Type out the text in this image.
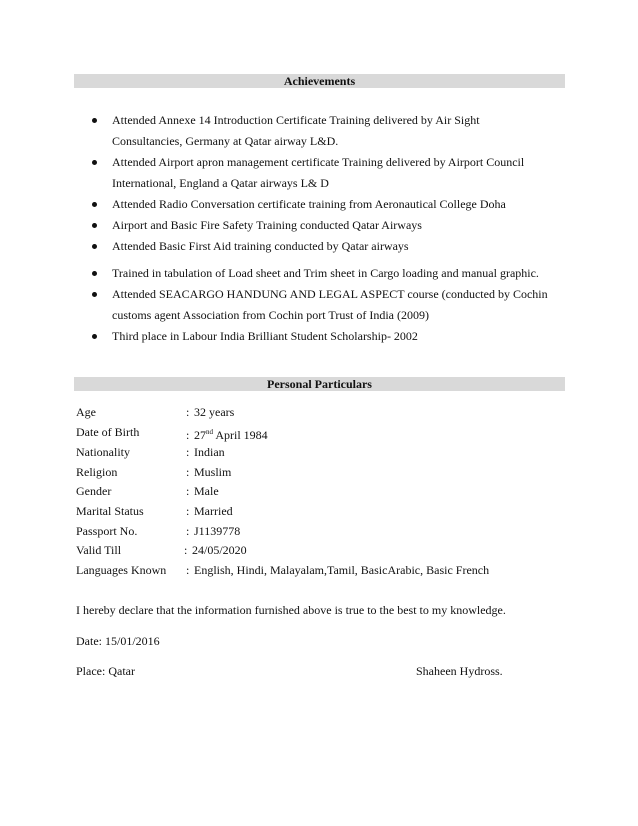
Achievements
Attended Annexe 14 Introduction Certificate Training delivered by Air Sight Consultancies, Germany at Qatar airway L&D.
Attended Airport apron management certificate Training delivered by Airport Council International, England a Qatar airways L& D
Attended Radio Conversation certificate training from Aeronautical College Doha
Airport and Basic Fire Safety Training conducted Qatar Airways
Attended Basic First Aid training conducted by Qatar airways
Trained in tabulation of Load sheet and Trim sheet in Cargo loading and manual graphic.
Attended SEACARGO HANDUNG AND LEGAL ASPECT course (conducted by Cochin customs agent Association from Cochin port Trust of India (2009)
Third place in Labour India Brilliant Student Scholarship- 2002
Personal Particulars
Age	: 32 years
Date of Birth	: 27nd April 1984
Nationality	: Indian
Religion	: Muslim
Gender	: Male
Marital Status	: Married
Passport No.	: J1139778
Valid Till	: 24/05/2020
Languages Known : English, Hindi, Malayalam,Tamil, BasicArabic, Basic French
I hereby declare that the information furnished above is true to the best to my knowledge.
Date: 15/01/2016
Place: Qatar	Shaheen Hydross.
